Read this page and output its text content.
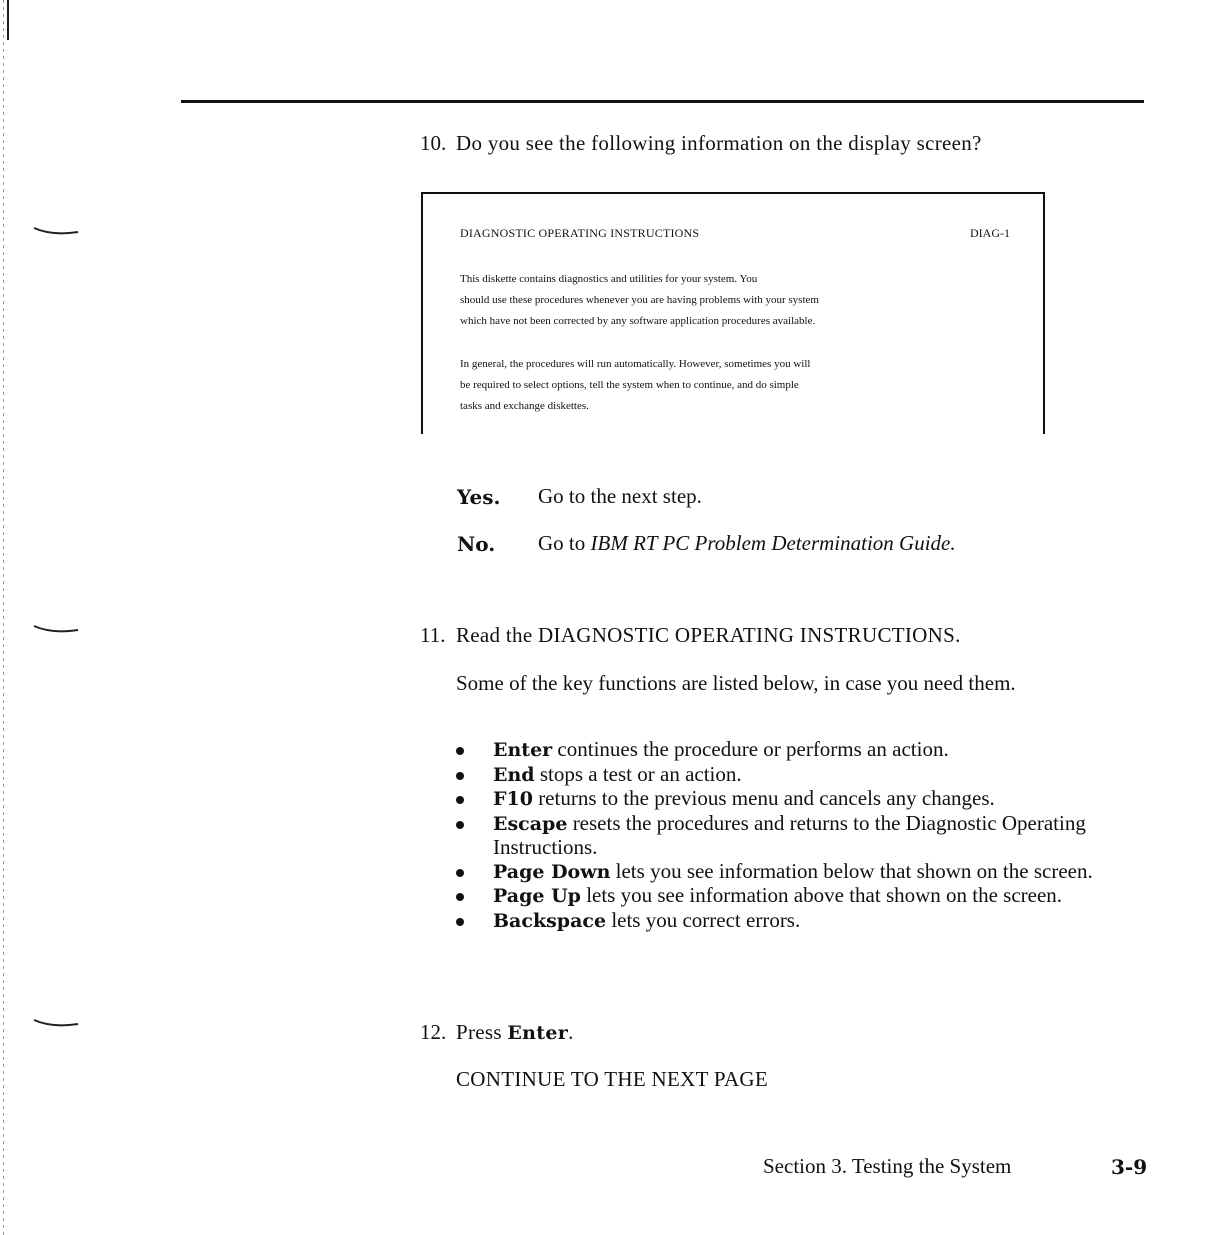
10. Do you see the following information on the display screen?
DIAGNOSTIC OPERATING INSTRUCTIONS	DIAG-1
This diskette contains diagnostics and utilities for your system. You
should use these procedures whenever you are having problems with your system
which have not been corrected by any software application procedures available.
In general, the procedures will run automatically. However, sometimes you will
be required to select options, tell the system when to continue, and do simple
tasks and exchange diskettes.
Yes. Go to the next step.
No. Go to IBM RT PC Problem Determination Guide.
11. Read the DIAGNOSTIC OPERATING INSTRUCTIONS.
Some of the key functions are listed below, in case you need them.
Enter continues the procedure or performs an action.
End stops a test or an action.
F10 returns to the previous menu and cancels any changes.
Escape resets the procedures and returns to the Diagnostic Operating Instructions.
Page Down lets you see information below that shown on the screen.
Page Up lets you see information above that shown on the screen.
Backspace lets you correct errors.
12. Press Enter.
CONTINUE TO THE NEXT PAGE
Section 3. Testing the System	3-9
